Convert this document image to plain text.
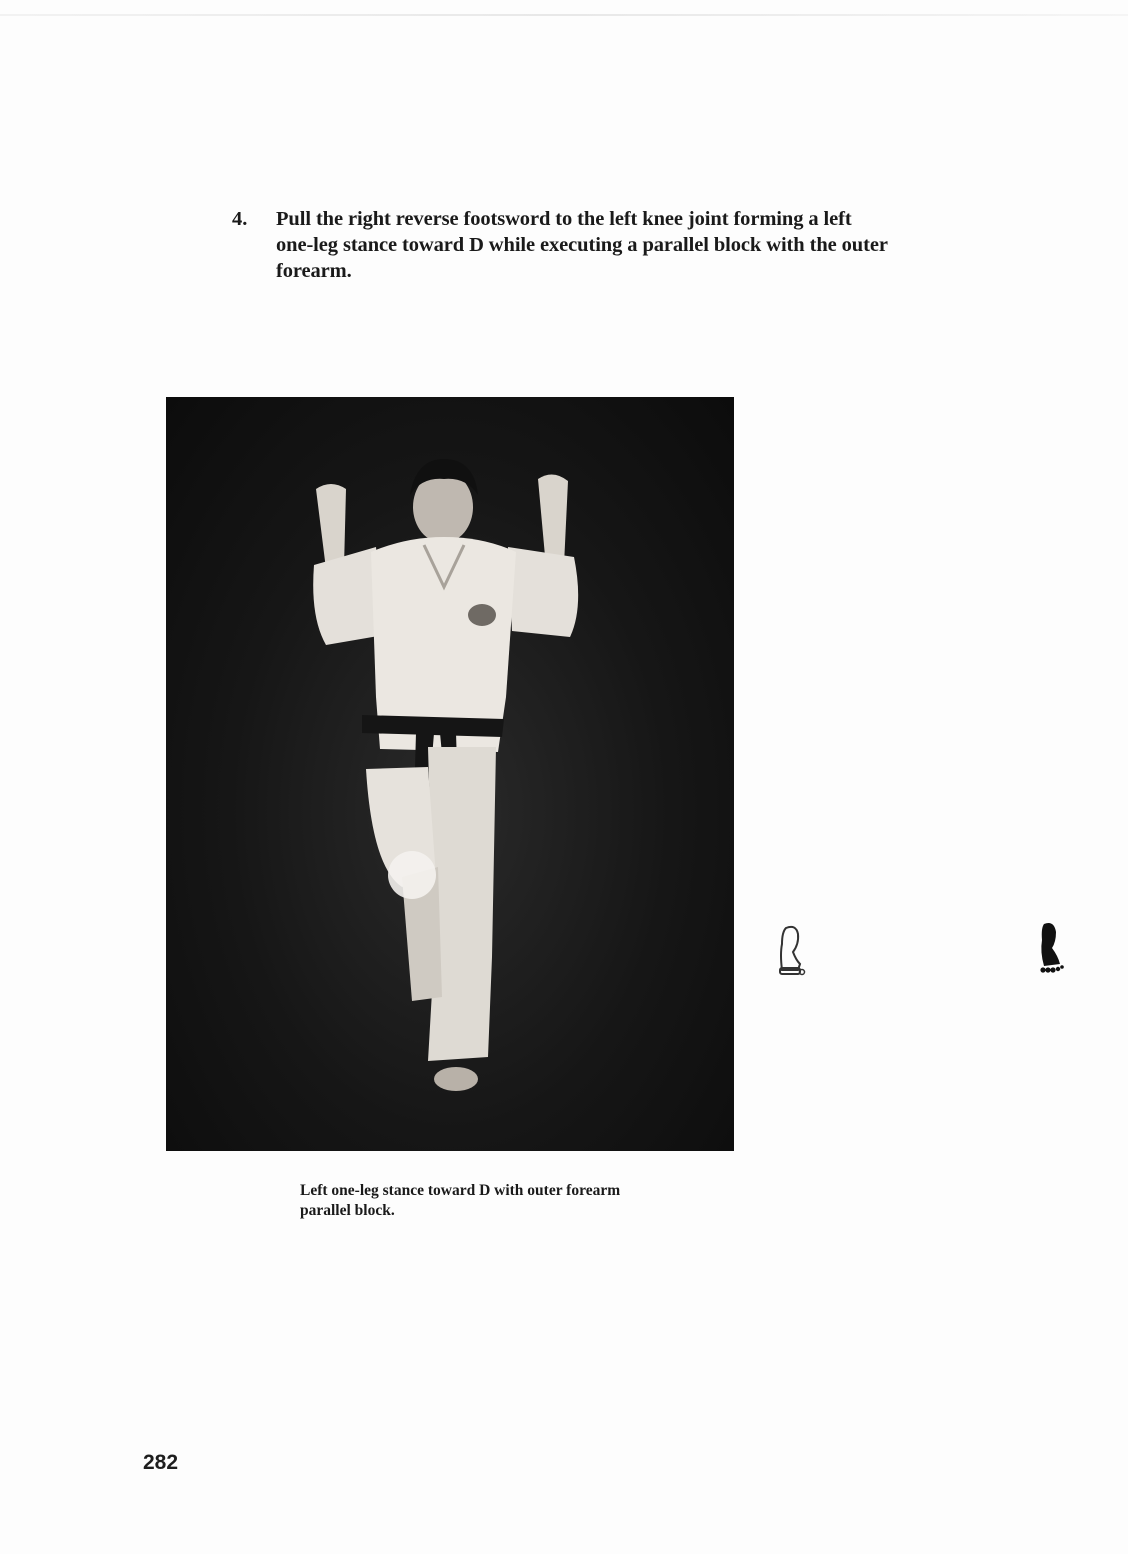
4.	Pull the right reverse footsword to the left knee joint forming a left one-leg stance toward D while executing a parallel block with the outer forearm.
Left one-leg stance toward D with outer forearm parallel block.
282
